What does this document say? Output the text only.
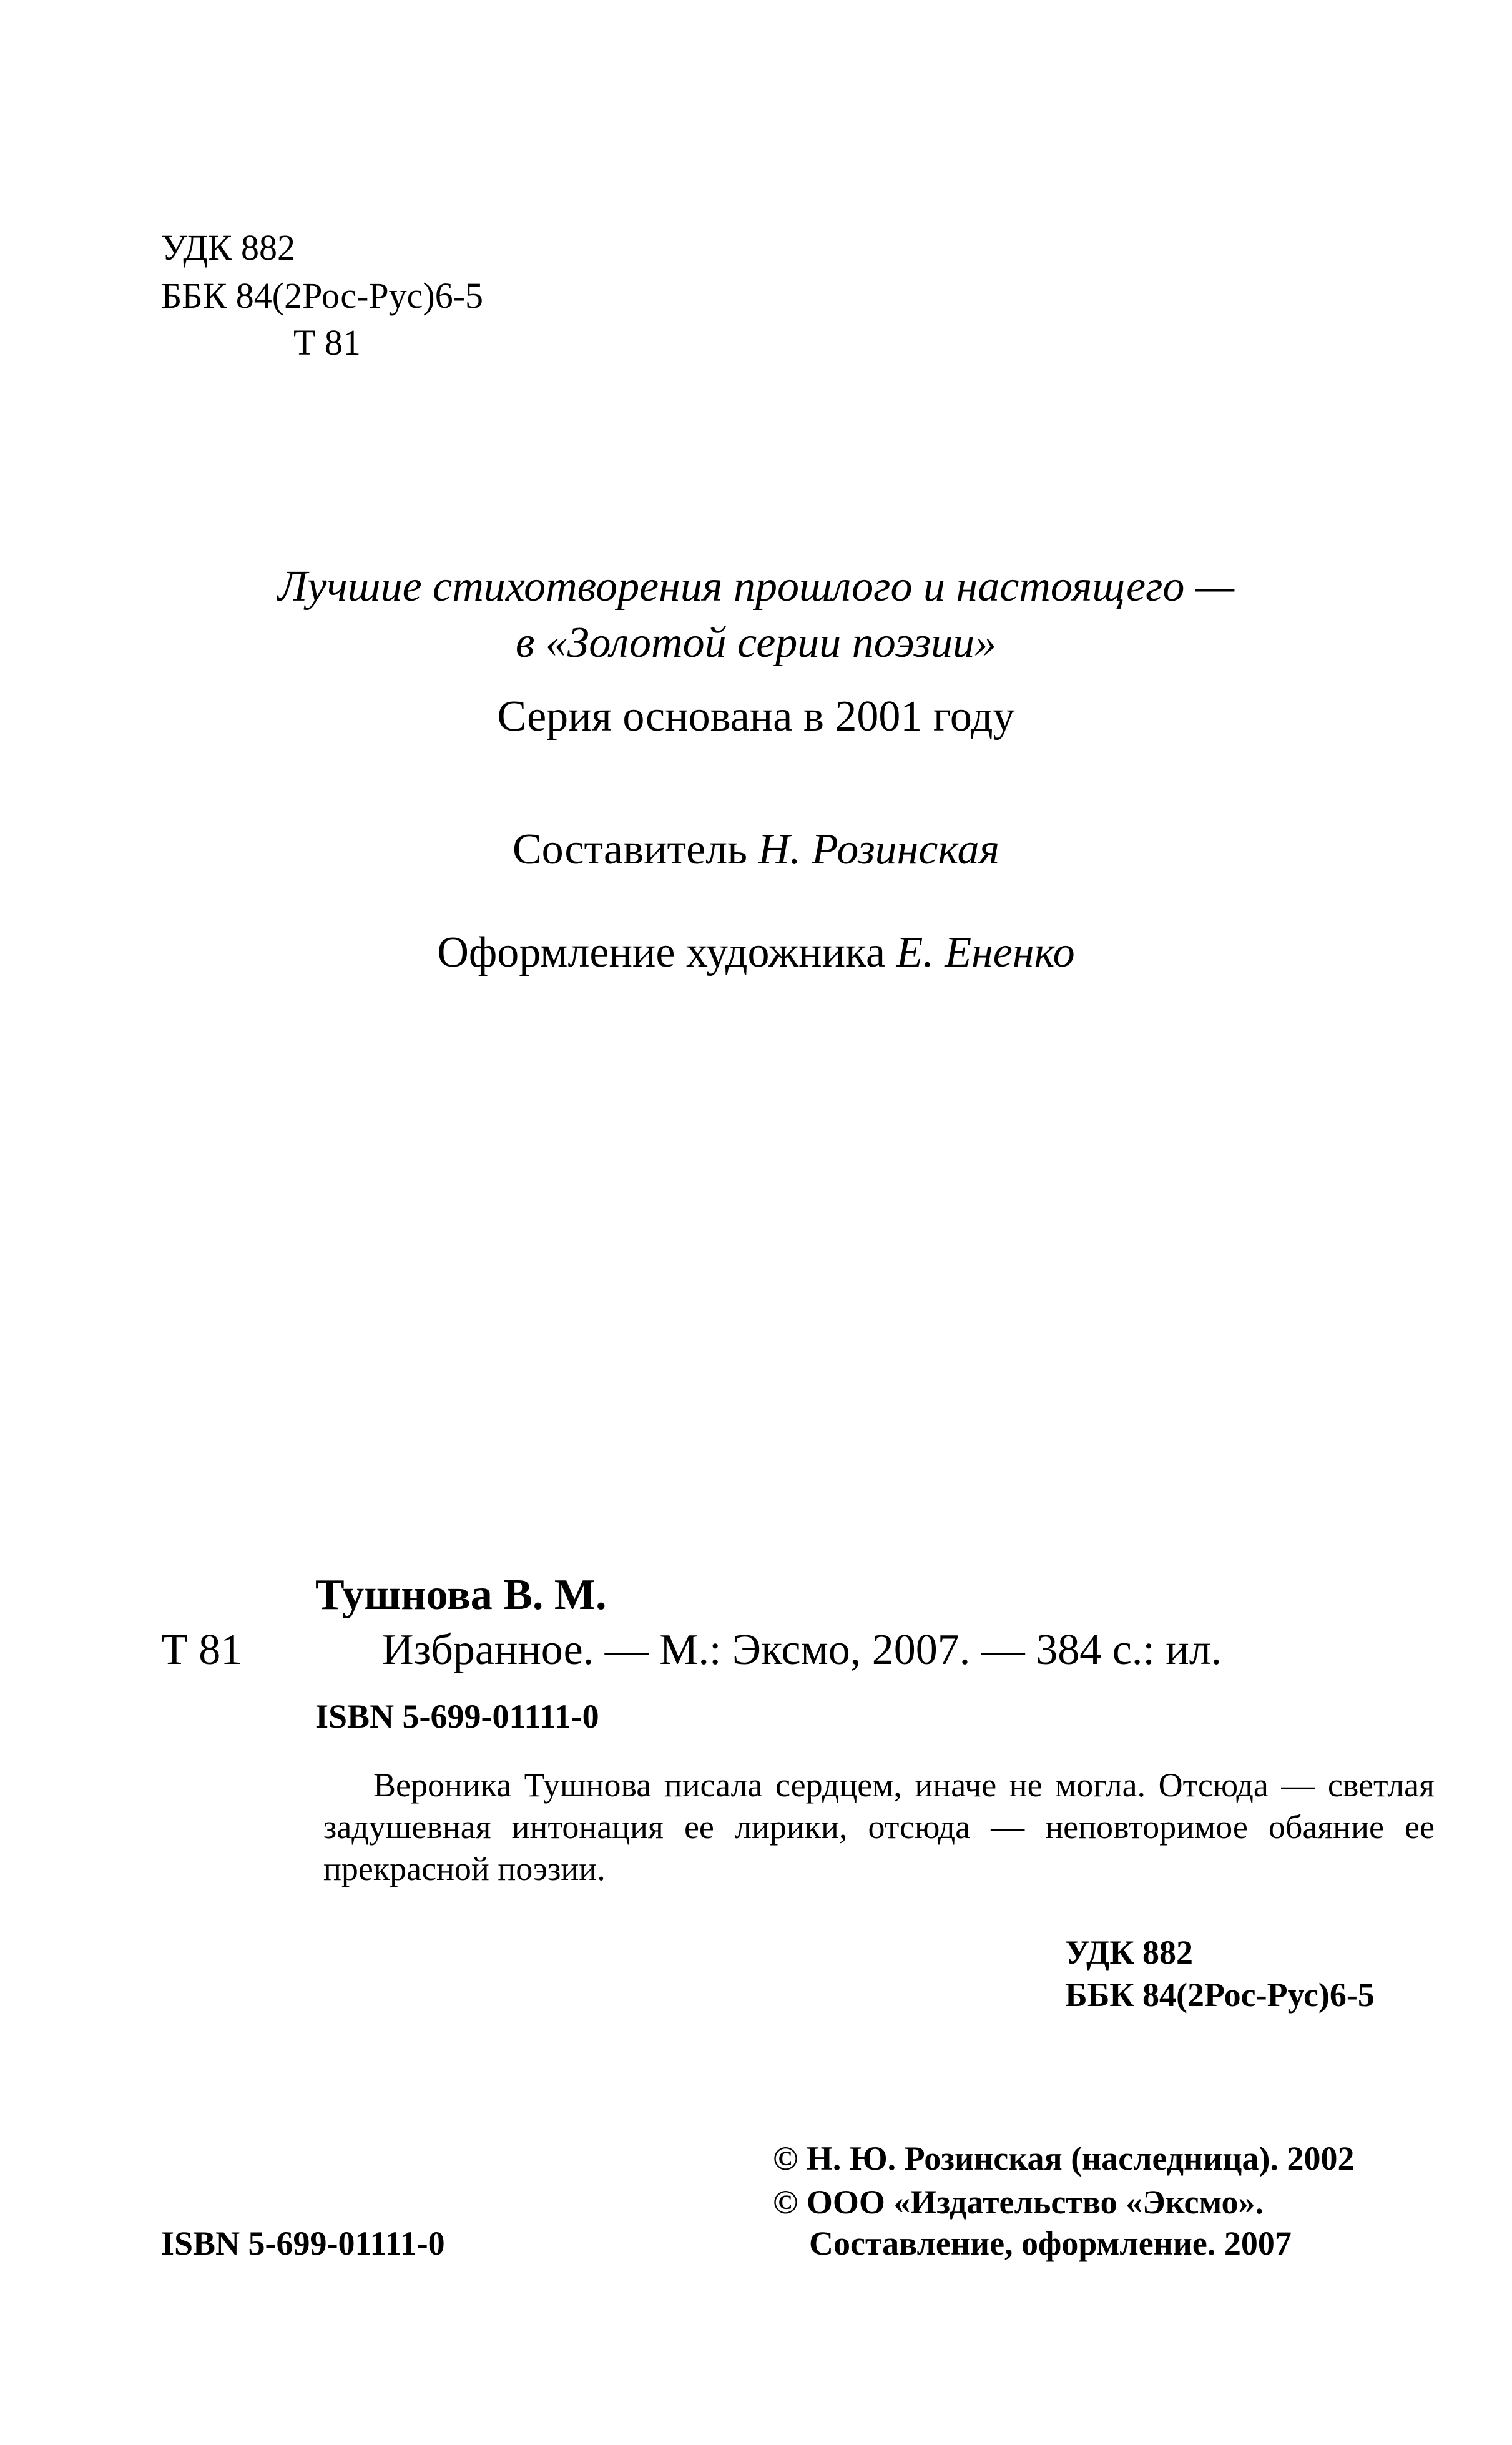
УДК 882
ББК 84(2Рос-Рус)6-5
Т 81
Лучшие стихотворения прошлого и настоящего —
в «Золотой серии поэзии»
Серия основана в 2001 году
Составитель Н. Розинская
Оформление художника Е. Ененко
Тушнова В. М.
Т 81	Избранное. — М.: Эксмо, 2007. — 384 с.: ил.
ISBN 5-699-01111-0
Вероника Тушнова писала сердцем, иначе не могла. Отсюда — светлая задушевная интонация ее лирики, отсюда — неповторимое обаяние ее прекрасной поэзии.
УДК 882
ББК 84(2Рос-Рус)6-5
© Н. Ю. Розинская (наследница). 2002
© ООО «Издательство «Эксмо».
Составление, оформление. 2007
ISBN 5-699-01111-0
